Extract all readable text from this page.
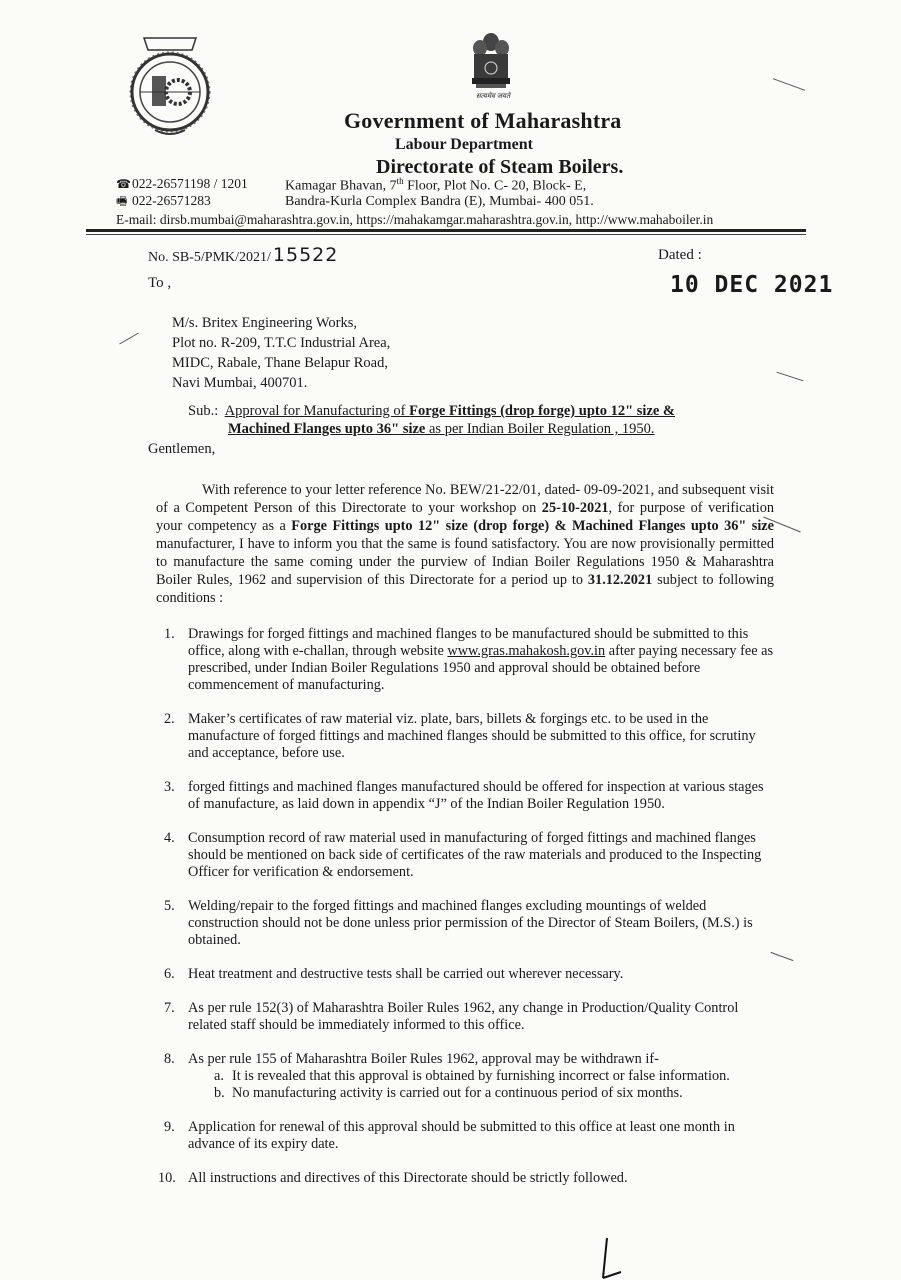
सत्यमेव जयते
Government of Maharashtra
Labour Department
Directorate of Steam Boilers.
☎022-26571198 / 1201
🖷 022-26571283
Kamagar Bhavan, 7th Floor, Plot No. C- 20, Block- E,
Bandra-Kurla Complex Bandra (E), Mumbai- 400 051.
E-mail: dirsb.mumbai@maharashtra.gov.in, https://mahakamgar.maharashtra.gov.in, http://www.mahaboiler.in
No. SB-5/PMK/2021/ 15522	Dated :
10 DEC 2021
To ,
M/s. Britex Engineering Works,
Plot no. R-209, T.T.C Industrial Area,
MIDC, Rabale, Thane Belapur Road,
Navi Mumbai, 400701.
Sub.: Approval for Manufacturing of Forge Fittings (drop forge) upto 12" size &
Machined Flanges upto 36" size as per Indian Boiler Regulation , 1950.
Gentlemen,

With reference to your letter reference No. BEW/21-22/01, dated- 09-09-2021, and subsequent visit of a Competent Person of this Directorate to your workshop on 25-10-2021, for purpose of verification your competency as a Forge Fittings upto 12" size (drop forge) & Machined Flanges upto 36" size manufacturer, I have to inform you that the same is found satisfactory. You are now provisionally permitted to manufacture the same coming under the purview of Indian Boiler Regulations 1950 & Maharashtra Boiler Rules, 1962 and supervision of this Directorate for a period up to 31.12.2021 subject to following conditions :

1. Drawings for forged fittings and machined flanges to be manufactured should be submitted to this office, along with e-challan, through website www.gras.mahakosh.gov.in after paying necessary fee as prescribed, under Indian Boiler Regulations 1950 and approval should be obtained before commencement of manufacturing.
2. Maker’s certificates of raw material viz. plate, bars, billets & forgings etc. to be used in the manufacture of forged fittings and machined flanges should be submitted to this office, for scrutiny and acceptance, before use.
3. forged fittings and machined flanges manufactured should be offered for inspection at various stages of manufacture, as laid down in appendix “J” of the Indian Boiler Regulation 1950.
4. Consumption record of raw material used in manufacturing of forged fittings and machined flanges should be mentioned on back side of certificates of the raw materials and produced to the Inspecting Officer for verification & endorsement.
5. Welding/repair to the forged fittings and machined flanges excluding mountings of welded construction should not be done unless prior permission of the Director of Steam Boilers, (M.S.) is obtained.
6. Heat treatment and destructive tests shall be carried out wherever necessary.
7. As per rule 152(3) of Maharashtra Boiler Rules 1962, any change in Production/Quality Control related staff should be immediately informed to this office.
8. As per rule 155 of Maharashtra Boiler Rules 1962, approval may be withdrawn if-
a. It is revealed that this approval is obtained by furnishing incorrect or false information.
b. No manufacturing activity is carried out for a continuous period of six months.
9. Application for renewal of this approval should be submitted to this office at least one month in advance of its expiry date.
10. All instructions and directives of this Directorate should be strictly followed.
